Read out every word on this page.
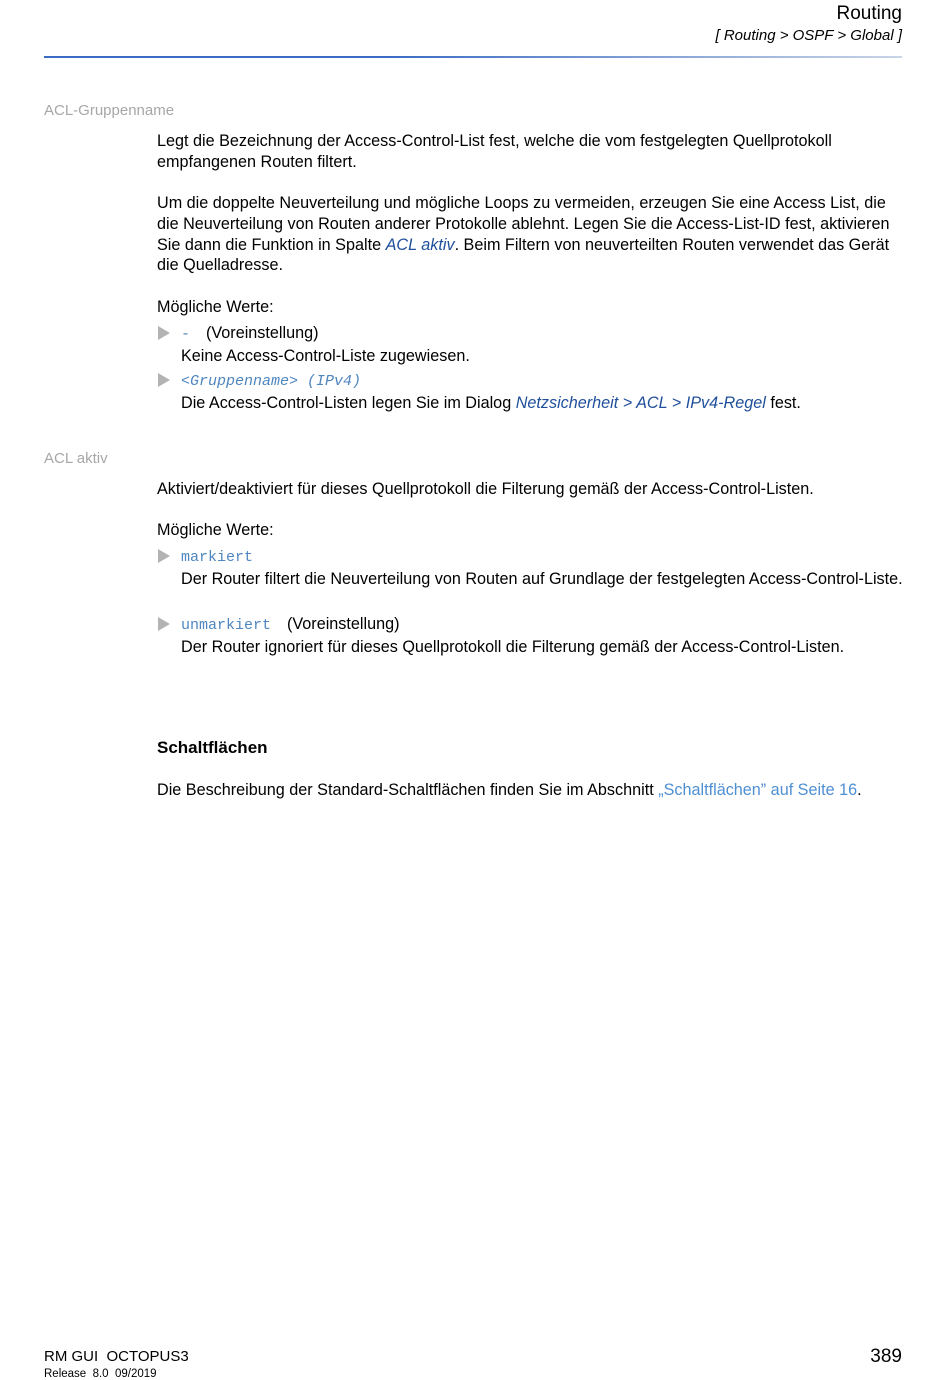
Routing
[ Routing > OSPF > Global ]
ACL-Gruppenname

Legt die Bezeichnung der Access-Control-List fest, welche die vom festgelegten Quellprotokoll empfangenen Routen filtert.

Um die doppelte Neuverteilung und mögliche Loops zu vermeiden, erzeugen Sie eine Access List, die die Neuverteilung von Routen anderer Protokolle ablehnt. Legen Sie die Access-List-ID fest, aktivieren Sie dann die Funktion in Spalte ACL aktiv. Beim Filtern von neuverteilten Routen verwendet das Gerät die Quelladresse.

Mögliche Werte:
- (Voreinstellung)
Keine Access-Control-Liste zugewiesen.
<Gruppenname> (IPv4)
Die Access-Control-Listen legen Sie im Dialog Netzsicherheit > ACL > IPv4-Regel fest.
ACL aktiv

Aktiviert/deaktiviert für dieses Quellprotokoll die Filterung gemäß der Access-Control-Listen.

Mögliche Werte:
markiert
Der Router filtert die Neuverteilung von Routen auf Grundlage der festgelegten Access-Control-Liste.
unmarkiert (Voreinstellung)
Der Router ignoriert für dieses Quellprotokoll die Filterung gemäß der Access-Control-Listen.
Schaltflächen

Die Beschreibung der Standard-Schaltflächen finden Sie im Abschnitt „Schaltflächen” auf Seite 16.

RM GUI  OCTOPUS3
Release  8.0  09/2019
389
